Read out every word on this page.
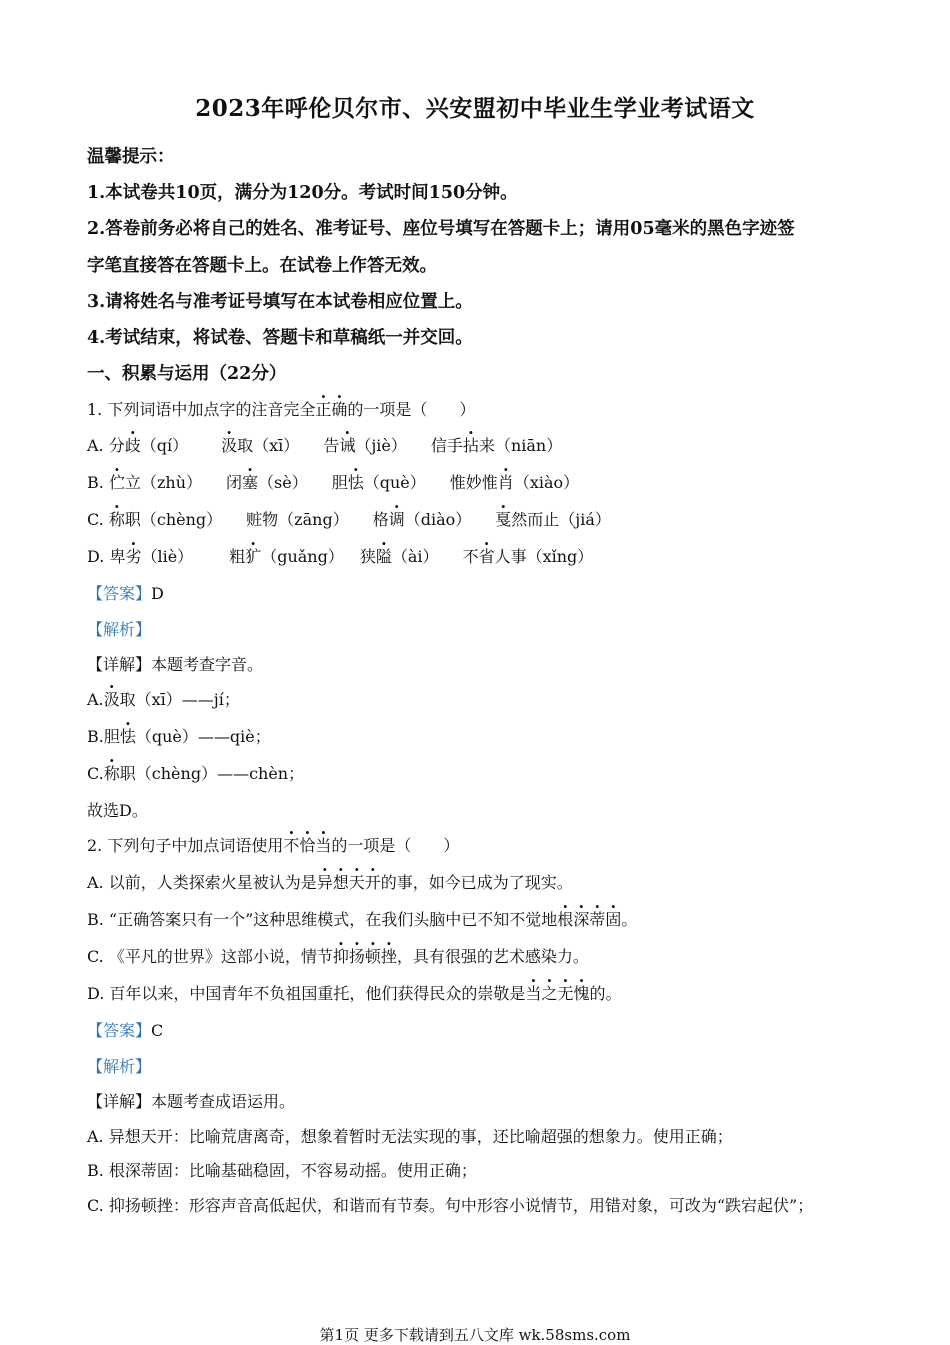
2023年呼伦贝尔市、兴安盟初中毕业生学业考试语文
温馨提示：
1.本试卷共10页，满分为120分。考试时间150分钟。
2.答卷前务必将自己的姓名、准考证号、座位号填写在答题卡上；请用05毫米的黑色字迹签
字笔直接答在答题卡上。在试卷上作答无效。
3.请将姓名与准考证号填写在本试卷相应位置上。
4.考试结束，将试卷、答题卡和草稿纸一并交回。
一、积累与运用（22分）
1. 下列词语中加点字的注音完全正确的一项是（　　）
A. 分歧（qí） 汲取（xī） 告诫（jiè） 信手拈来（niān）
B. 伫立（zhù） 闭塞（sè） 胆怯（què） 惟妙惟肖（xiào）
C. 称职（chèng） 赃物（zāng） 格调（diào） 戛然而止（jiá）
D. 卑劣（liè） 粗犷（guǎng） 狭隘（ài） 不省人事（xǐng）
【答案】D
【解析】
【详解】本题考查字音。
A.汲取（xī）——jí；
B.胆怯（què）——qiè；
C.称职（chèng）——chèn；
故选D。
2. 下列句子中加点词语使用不恰当的一项是（　　）
A. 以前，人类探索火星被认为是异想天开的事，如今已成为了现实。
B. “正确答案只有一个”这种思维模式，在我们头脑中已不知不觉地根深蒂固。
C. 《平凡的世界》这部小说，情节抑扬顿挫，具有很强的艺术感染力。
D. 百年以来，中国青年不负祖国重托，他们获得民众的崇敬是当之无愧的。
【答案】C
【解析】
【详解】本题考查成语运用。
A. 异想天开：比喻荒唐离奇，想象着暂时无法实现的事，还比喻超强的想象力。使用正确；
B. 根深蒂固：比喻基础稳固，不容易动摇。使用正确；
C. 抑扬顿挫：形容声音高低起伏，和谐而有节奏。句中形容小说情节，用错对象，可改为“跌宕起伏”；
第1页 更多下载请到五八文库 wk.58sms.com
